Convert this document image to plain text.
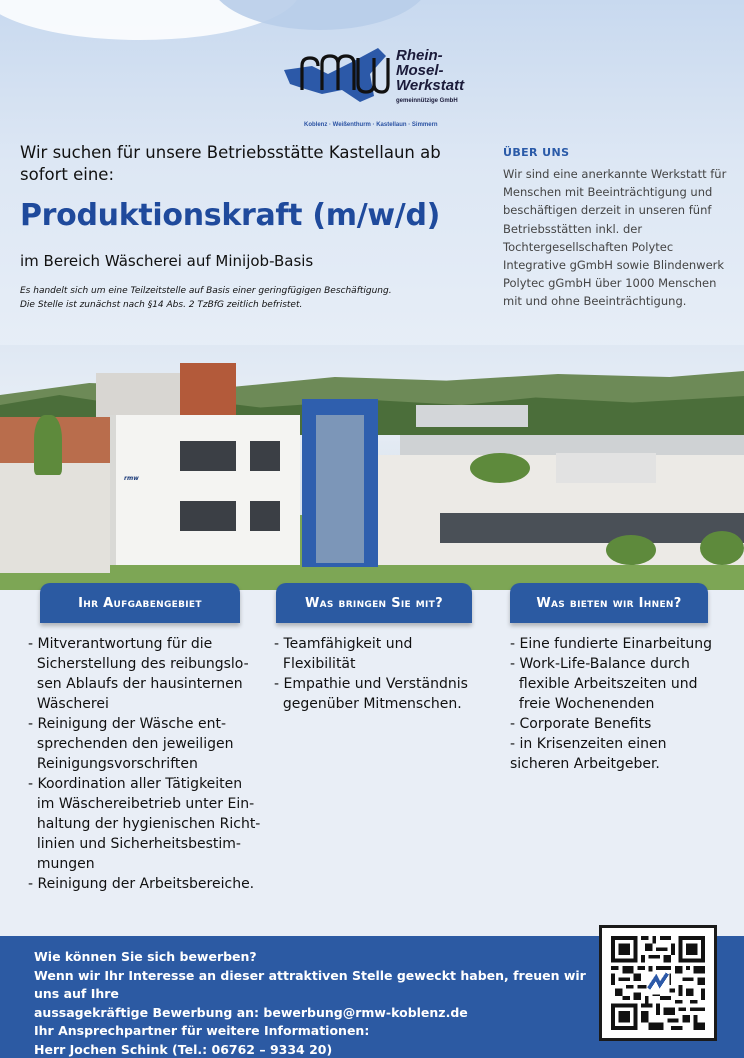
Rhein-
Mosel-
Werkstatt
gemeinnützige GmbH
Koblenz · Weißenthurm · Kastellaun · Simmern
Wir suchen für unsere Betriebsstätte Kastellaun ab sofort eine:
Produktionskraft (m/w/d)
im Bereich Wäscherei auf Minijob-Basis
Es handelt sich um eine Teilzeitstelle auf Basis einer geringfügigen Beschäftigung.
Die Stelle ist zunächst nach §14 Abs. 2 TzBfG zeitlich befristet.
ÜBER UNS
Wir sind eine anerkannte Werkstatt für Menschen mit Beeinträchtigung und beschäftigen derzeit in unseren fünf Betriebsstätten inkl. der Tochtergesellschaften Polytec Integrative gGmbH sowie Blindenwerk Polytec gGmbH über 1000 Menschen mit und ohne Beeinträchtigung.
rmw
Ihr Aufgabengebiet	Was bringen Sie mit?	Was bieten wir Ihnen?
- Mitverantwortung für die
Sicherstellung des reibungslo-
sen Ablaufs der hausinternen
Wäscherei
- Reinigung der Wäsche ent-
sprechenden den jeweiligen
Reinigungsvorschriften
- Koordination aller Tätigkeiten
im Wäschereibetrieb unter Ein-
haltung der hygienischen Richt-
linien und Sicherheitsbestim-
mungen
- Reinigung der Arbeitsbereiche.
- Teamfähigkeit und
Flexibilität
- Empathie und Verständnis
gegenüber Mitmenschen.
- Eine fundierte Einarbeitung
- Work-Life-Balance durch
flexible Arbeitszeiten und
freie Wochenenden
- Corporate Benefits
- in Krisenzeiten einen
sicheren Arbeitgeber.
Wie können Sie sich bewerben?
Wenn wir Ihr Interesse an dieser attraktiven Stelle geweckt haben, freuen wir uns auf Ihre
aussagekräftige Bewerbung an: bewerbung@rmw-koblenz.de
Ihr Ansprechpartner für weitere Informationen:
Herr Jochen Schink (Tel.: 06762 – 9334 20)
